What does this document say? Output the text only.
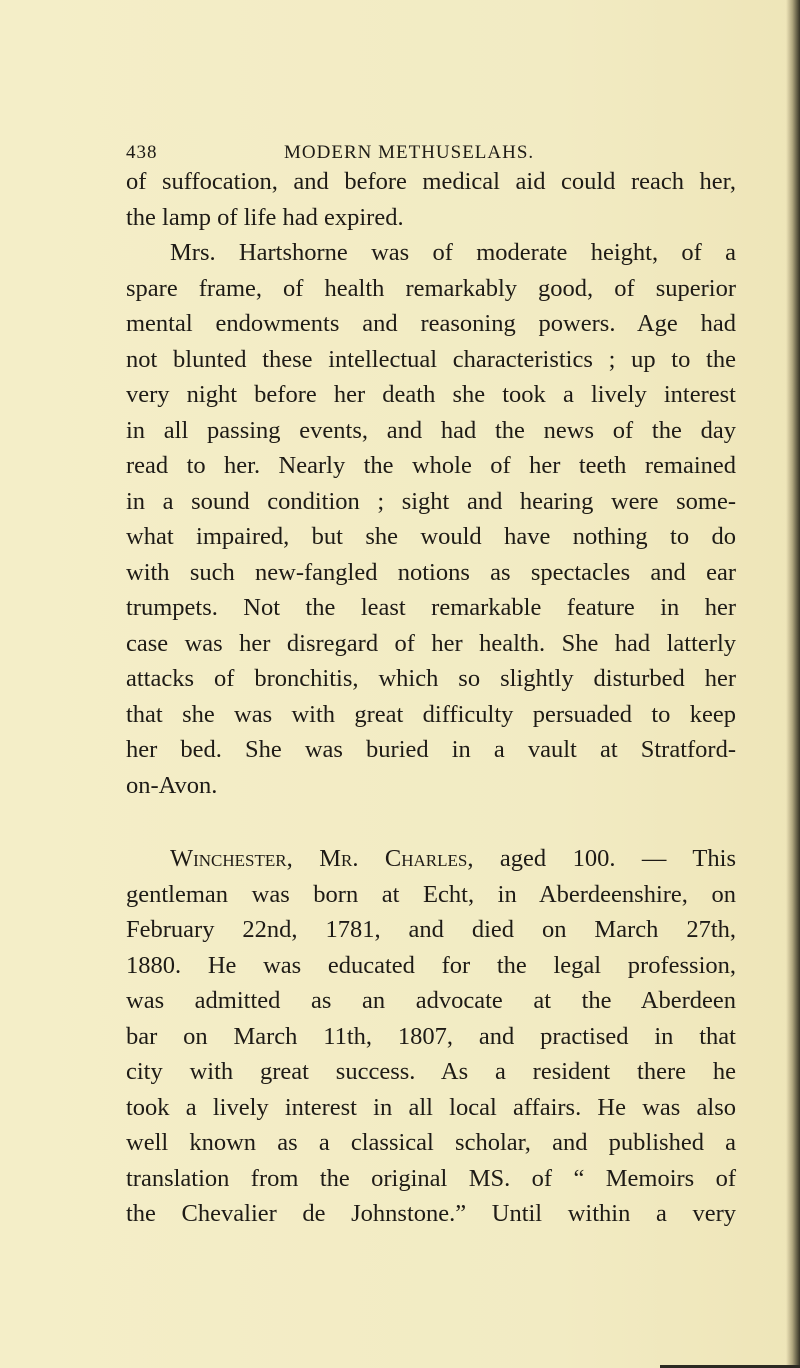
438	MODERN METHUSELAHS.
of suffocation, and before medical aid could reach her,
the lamp of life had expired.
Mrs. Hartshorne was of moderate height, of a
spare frame, of health remarkably good, of superior
mental endowments and reasoning powers. Age had
not blunted these intellectual characteristics ; up to the
very night before her death she took a lively interest
in all passing events, and had the news of the day
read to her. Nearly the whole of her teeth remained
in a sound condition ; sight and hearing were some-
what impaired, but she would have nothing to do
with such new-fangled notions as spectacles and ear
trumpets. Not the least remarkable feature in her
case was her disregard of her health. She had latterly
attacks of bronchitis, which so slightly disturbed her
that she was with great difficulty persuaded to keep
her bed. She was buried in a vault at Stratford-
on-Avon.
Winchester, Mr. Charles, aged 100. — This
gentleman was born at Echt, in Aberdeenshire, on
February 22nd, 1781, and died on March 27th,
1880. He was educated for the legal profession,
was admitted as an advocate at the Aberdeen
bar on March 11th, 1807, and practised in that
city with great success. As a resident there he
took a lively interest in all local affairs. He was also
well known as a classical scholar, and published a
translation from the original MS. of “ Memoirs of
the Chevalier de Johnstone.” Until within a very
